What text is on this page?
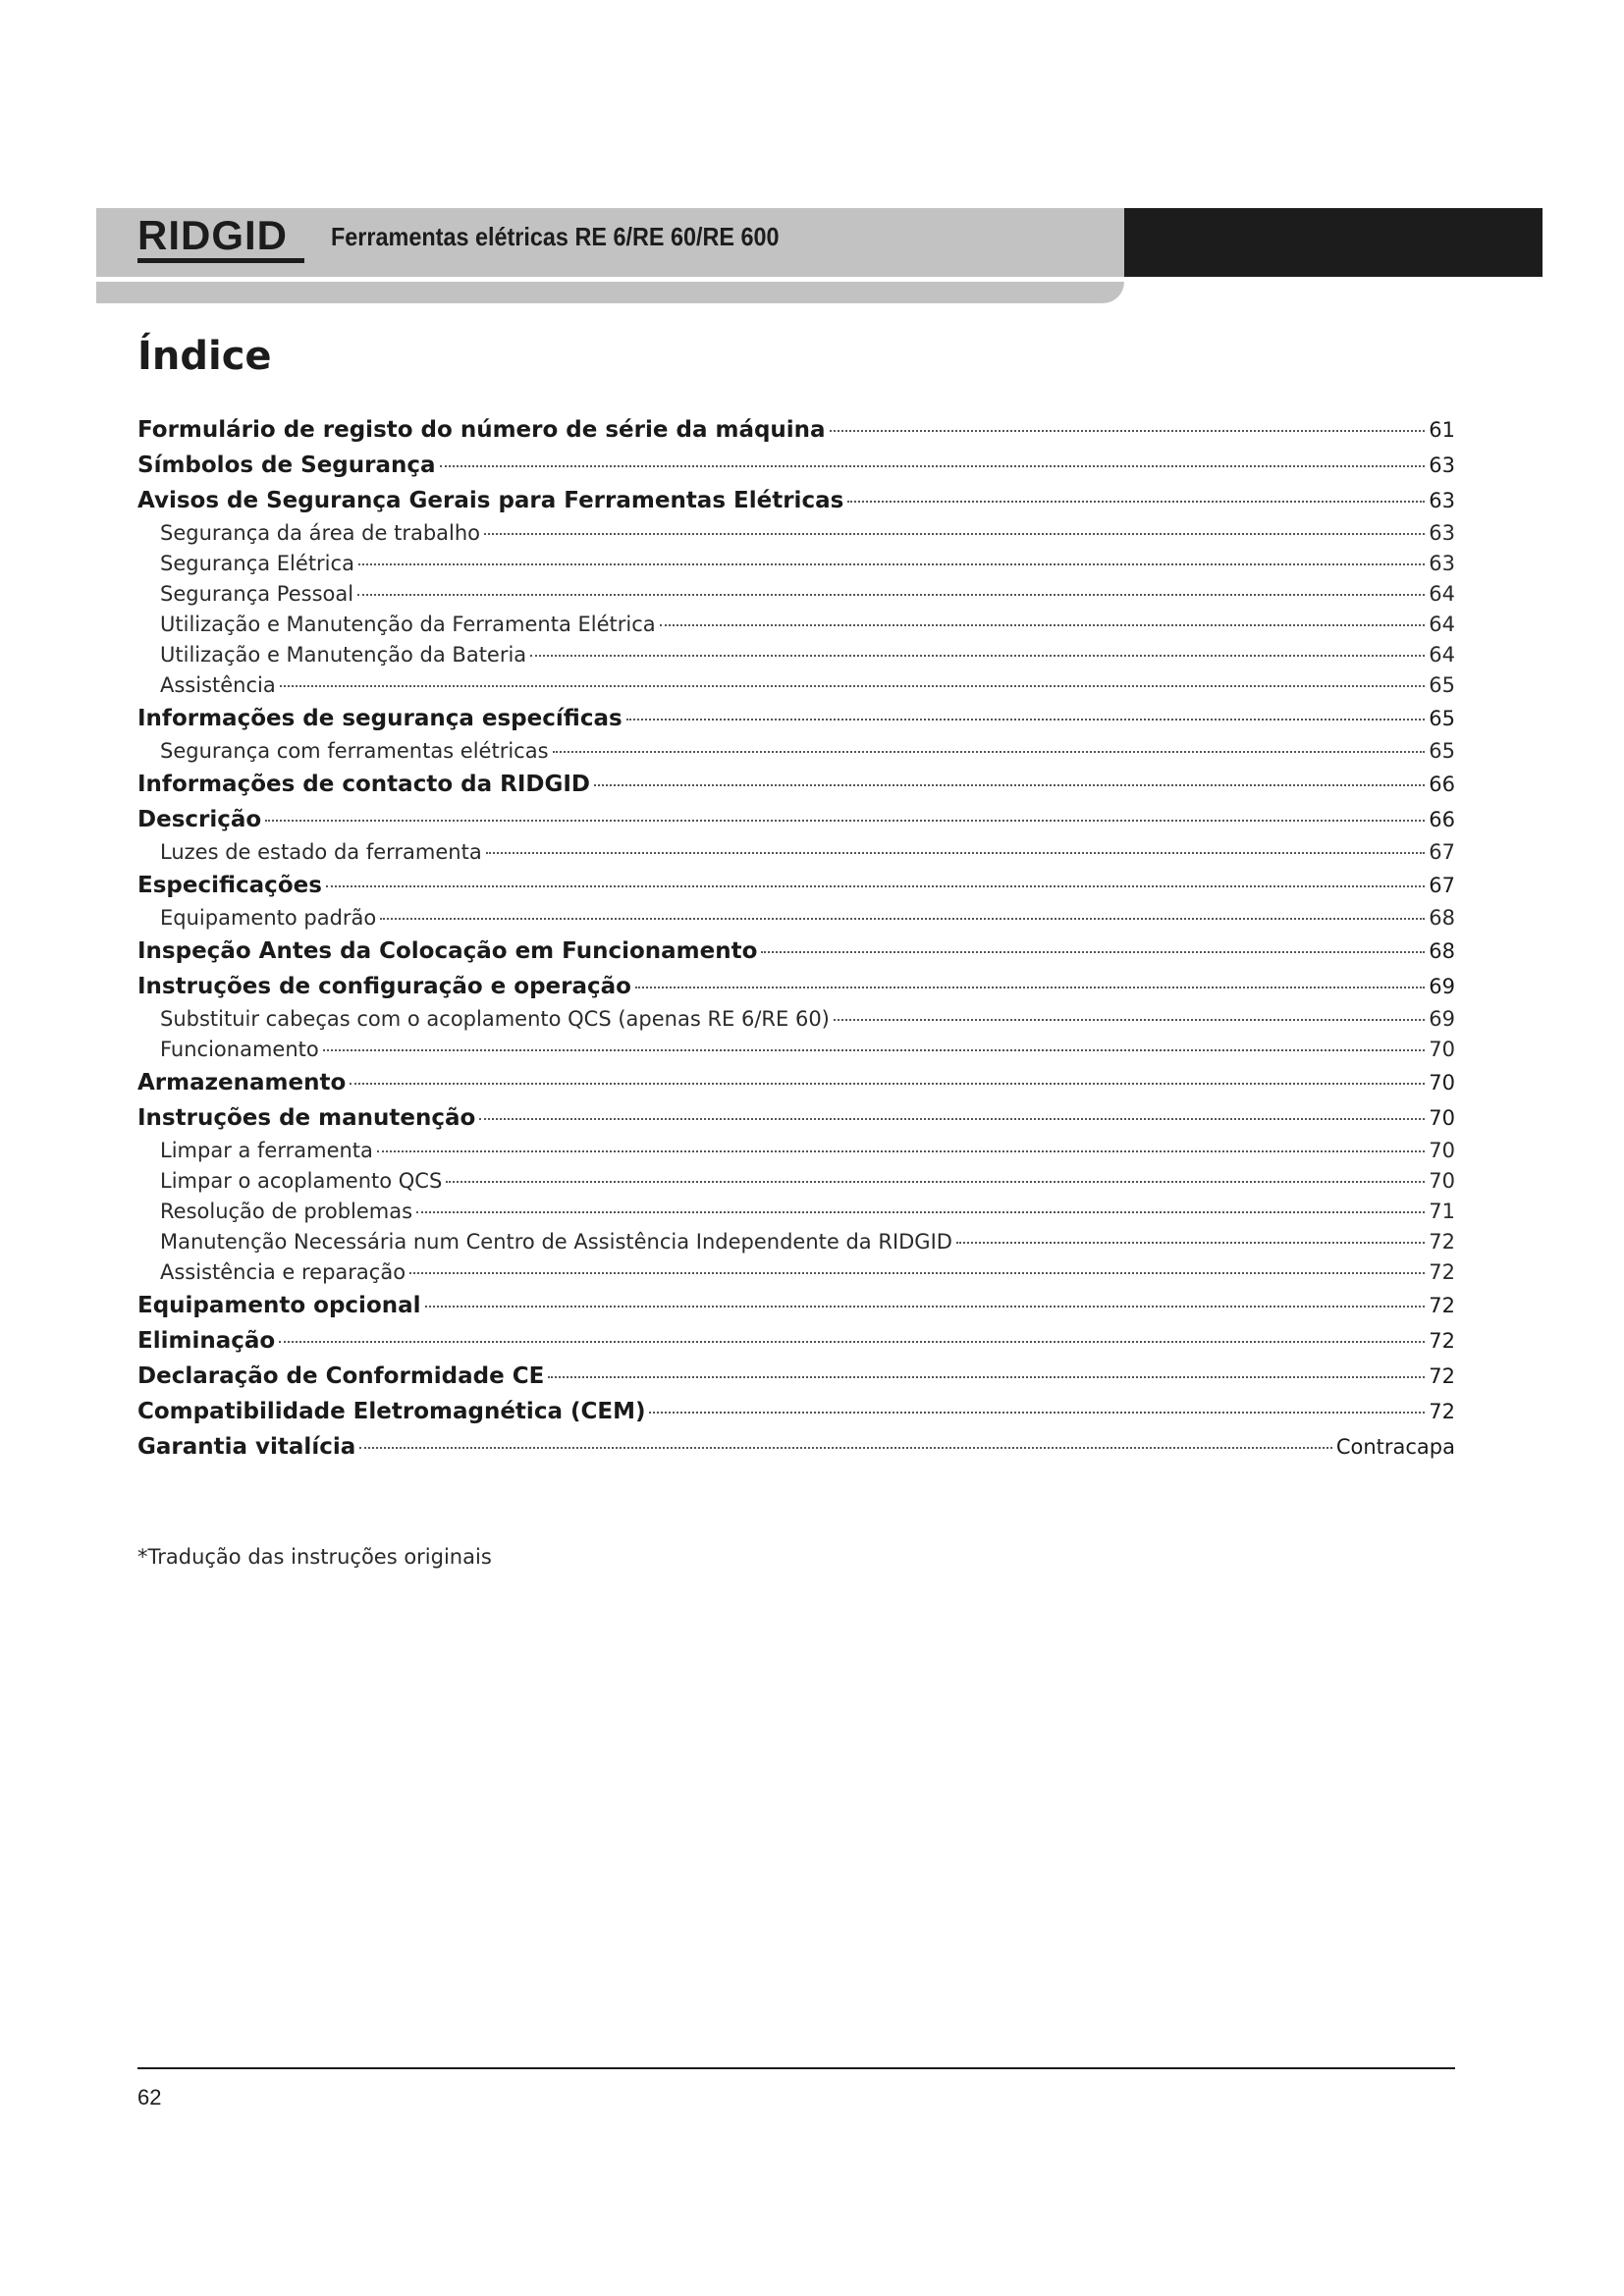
RIDGID Ferramentas elétricas RE 6/RE 60/RE 600
Índice
Formulário de registo do número de série da máquina	61
Símbolos de Segurança	63
Avisos de Segurança Gerais para Ferramentas Elétricas	63
Segurança da área de trabalho	63
Segurança Elétrica	63
Segurança Pessoal	64
Utilização e Manutenção da Ferramenta Elétrica	64
Utilização e Manutenção da Bateria	64
Assistência	65
Informações de segurança específicas	65
Segurança com ferramentas elétricas	65
Informações de contacto da RIDGID	66
Descrição	66
Luzes de estado da ferramenta	67
Especificações	67
Equipamento padrão	68
Inspeção Antes da Colocação em Funcionamento	68
Instruções de configuração e operação	69
Substituir cabeças com o acoplamento QCS (apenas RE 6/RE 60)	69
Funcionamento	70
Armazenamento	70
Instruções de manutenção	70
Limpar a ferramenta	70
Limpar o acoplamento QCS	70
Resolução de problemas	71
Manutenção Necessária num Centro de Assistência Independente da RIDGID	72
Assistência e reparação	72
Equipamento opcional	72
Eliminação	72
Declaração de Conformidade CE	72
Compatibilidade Eletromagnética (CEM)	72
Garantia vitalícia	Contracapa
*Tradução das instruções originais
62
